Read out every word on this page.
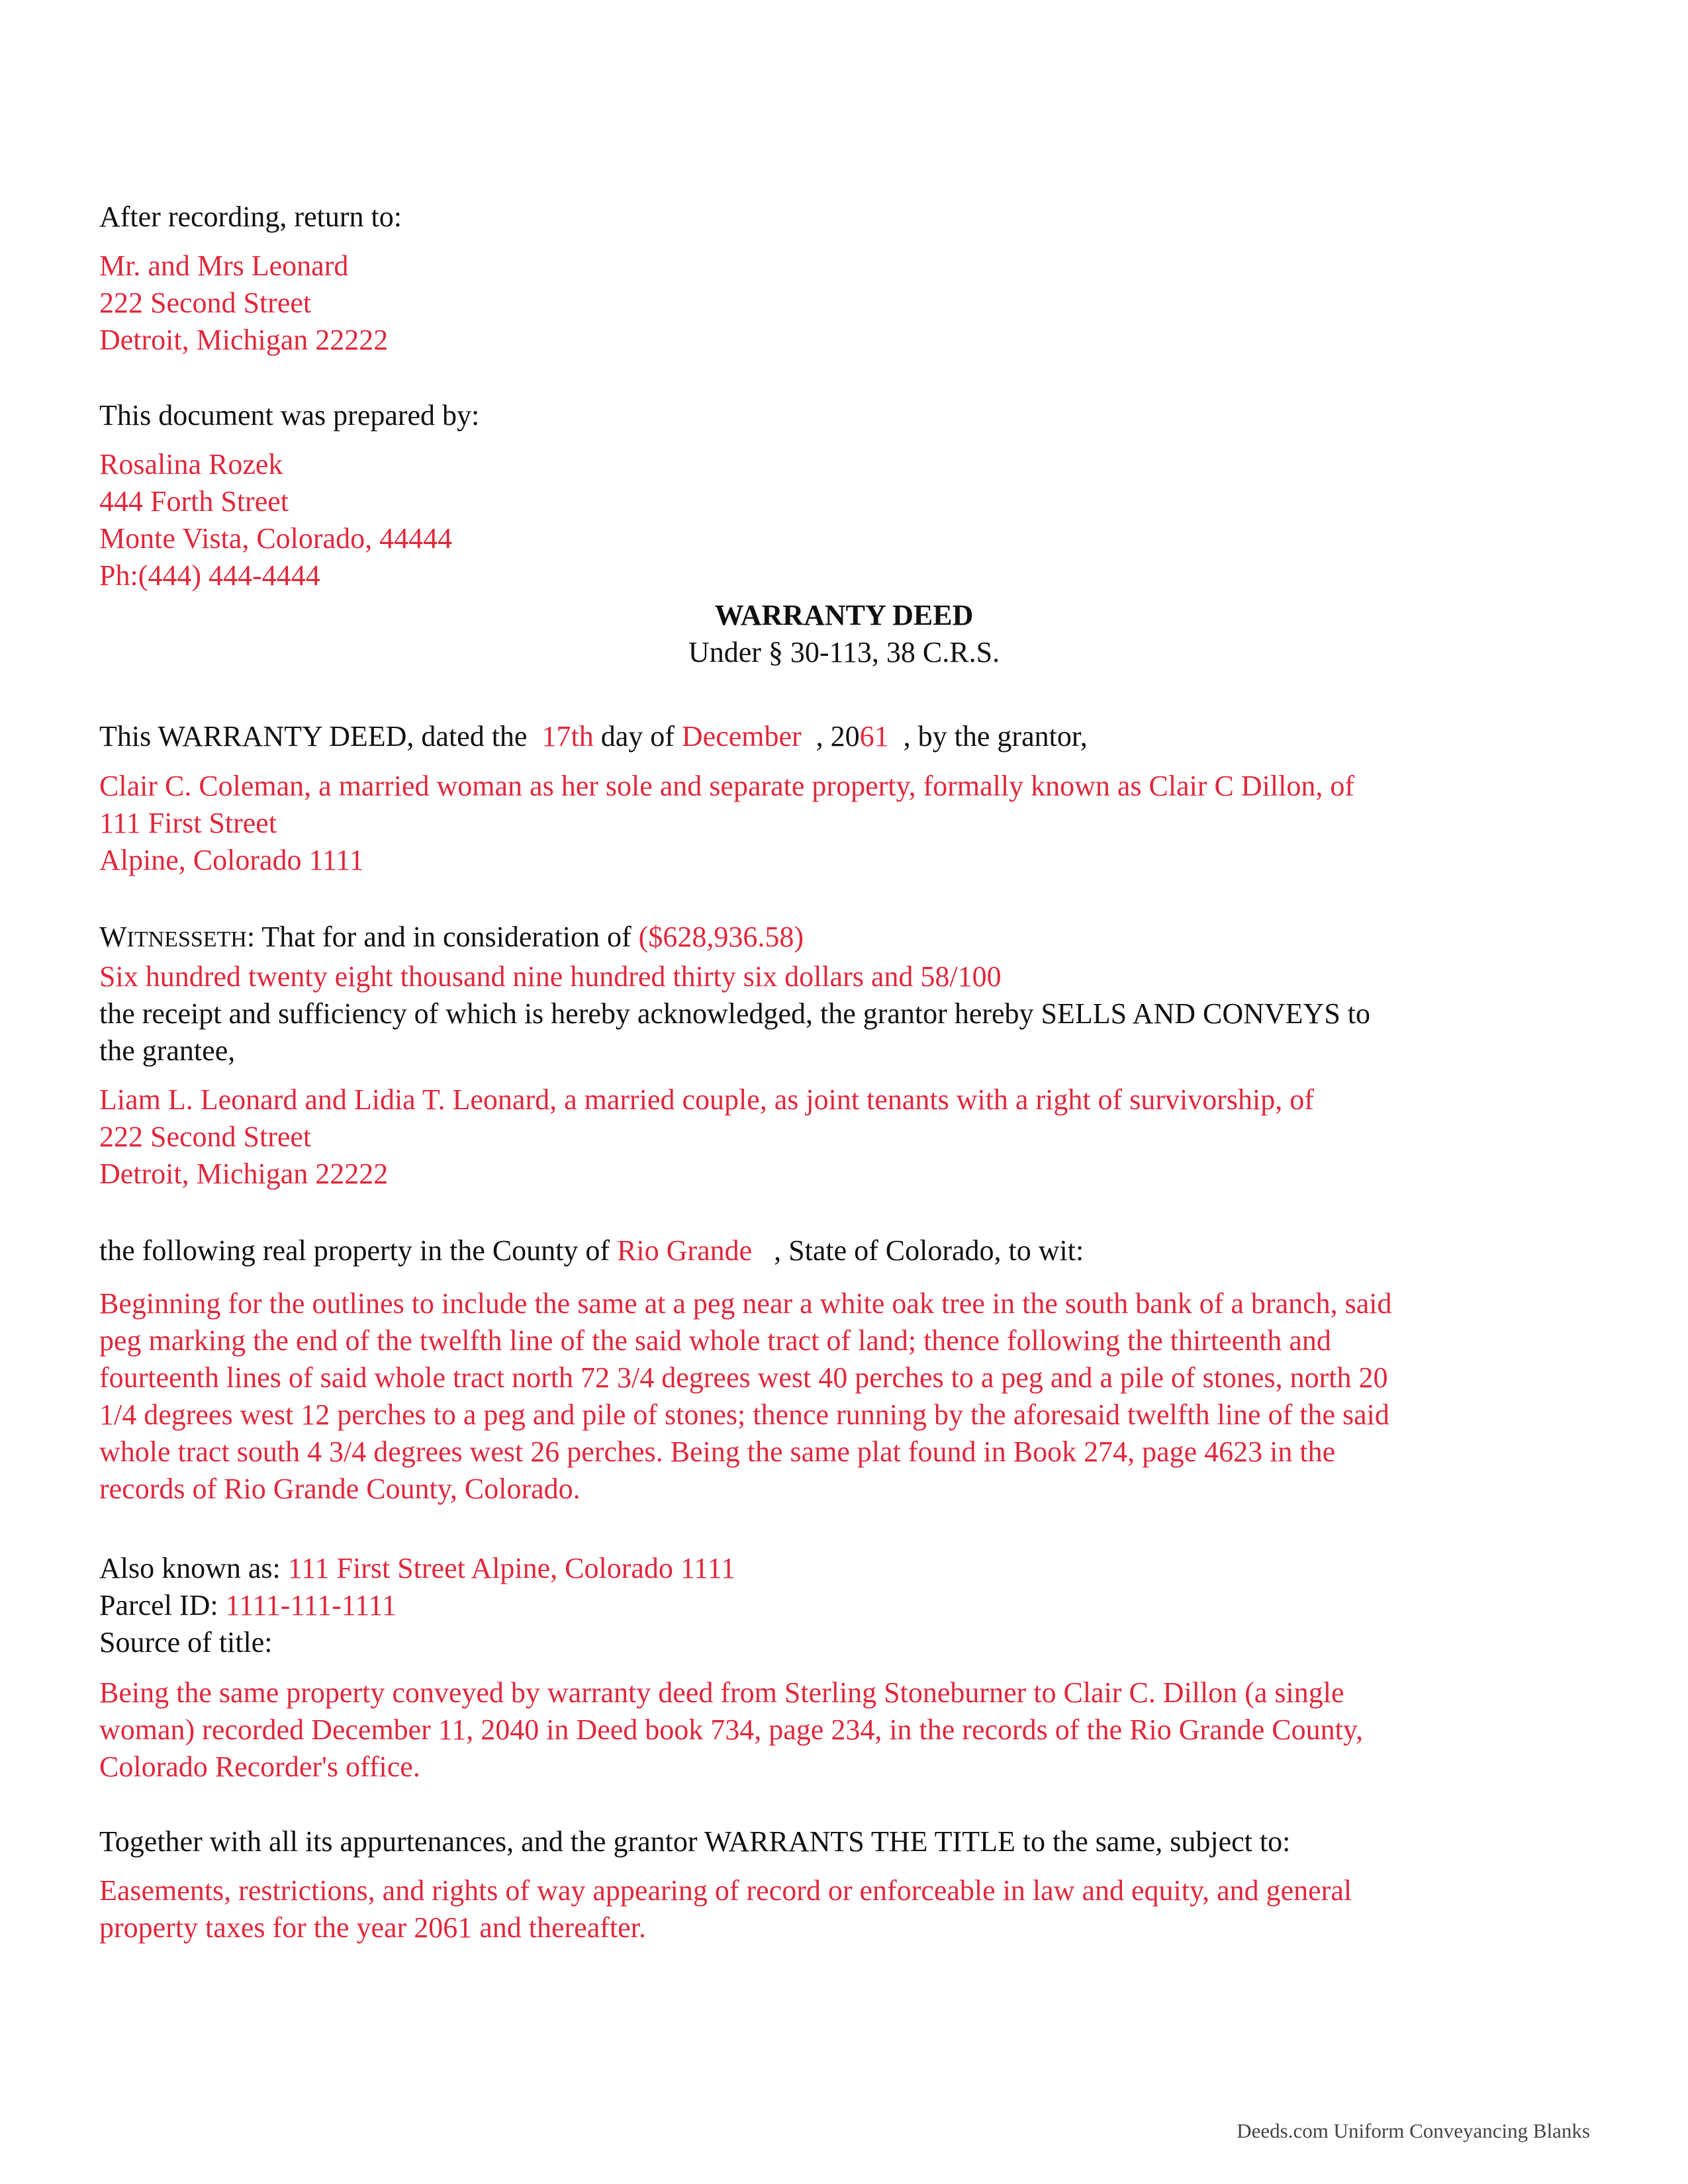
After recording, return to:
Mr. and Mrs Leonard
222 Second Street
Detroit, Michigan 22222
This document was prepared by:
Rosalina Rozek
444 Forth Street
Monte Vista, Colorado, 44444
Ph:(444) 444-4444
WARRANTY DEED
Under § 30-113, 38 C.R.S.
This WARRANTY DEED, dated the 17th day of December , 2061 , by the grantor,
Clair C. Coleman, a married woman as her sole and separate property, formally known as Clair C Dillon, of
111 First Street
Alpine, Colorado 1111
WITNESSETH: That for and in consideration of ($628,936.58)
Six hundred twenty eight thousand nine hundred thirty six dollars and 58/100
the receipt and sufficiency of which is hereby acknowledged, the grantor hereby SELLS AND CONVEYS to
the grantee,
Liam L. Leonard and Lidia T. Leonard, a married couple, as joint tenants with a right of survivorship, of
222 Second Street
Detroit, Michigan 22222
the following real property in the County of Rio Grande , State of Colorado, to wit:
Beginning for the outlines to include the same at a peg near a white oak tree in the south bank of a branch, said
peg marking the end of the twelfth line of the said whole tract of land; thence following the thirteenth and
fourteenth lines of said whole tract north 72 3/4 degrees west 40 perches to a peg and a pile of stones, north 20
1/4 degrees west 12 perches to a peg and pile of stones; thence running by the aforesaid twelfth line of the said
whole tract south 4 3/4 degrees west 26 perches. Being the same plat found in Book 274, page 4623 in the
records of Rio Grande County, Colorado.
Also known as: 111 First Street Alpine, Colorado 1111
Parcel ID: 1111-111-1111
Source of title:
Being the same property conveyed by warranty deed from Sterling Stoneburner to Clair C. Dillon (a single
woman) recorded December 11, 2040 in Deed book 734, page 234, in the records of the Rio Grande County,
Colorado Recorder's office.
Together with all its appurtenances, and the grantor WARRANTS THE TITLE to the same, subject to:
Easements, restrictions, and rights of way appearing of record or enforceable in law and equity, and general
property taxes for the year 2061 and thereafter.
Deeds.com Uniform Conveyancing Blanks
